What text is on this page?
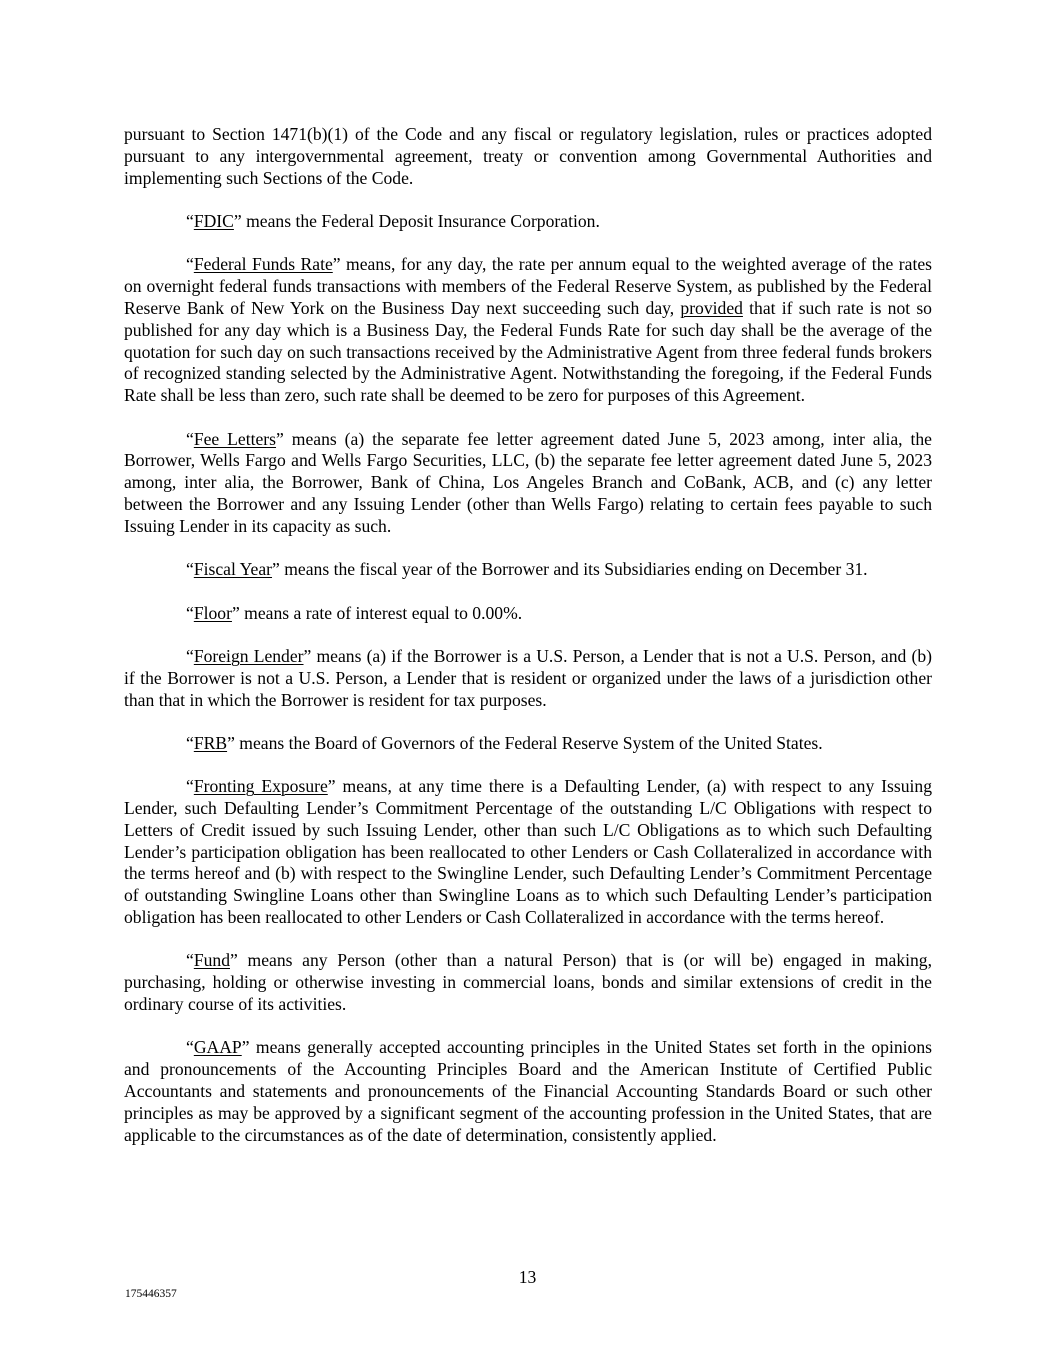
pursuant to Section 1471(b)(1) of the Code and any fiscal or regulatory legislation, rules or practices adopted pursuant to any intergovernmental agreement, treaty or convention among Governmental Authorities and implementing such Sections of the Code.

“FDIC” means the Federal Deposit Insurance Corporation.

“Federal Funds Rate” means, for any day, the rate per annum equal to the weighted average of the rates on overnight federal funds transactions with members of the Federal Reserve System, as published by the Federal Reserve Bank of New York on the Business Day next succeeding such day, provided that if such rate is not so published for any day which is a Business Day, the Federal Funds Rate for such day shall be the average of the quotation for such day on such transactions received by the Administrative Agent from three federal funds brokers of recognized standing selected by the Administrative Agent. Notwithstanding the foregoing, if the Federal Funds Rate shall be less than zero, such rate shall be deemed to be zero for purposes of this Agreement.

“Fee Letters” means (a) the separate fee letter agreement dated June 5, 2023 among, inter alia, the Borrower, Wells Fargo and Wells Fargo Securities, LLC, (b) the separate fee letter agreement dated June 5, 2023 among, inter alia, the Borrower, Bank of China, Los Angeles Branch and CoBank, ACB, and (c) any letter between the Borrower and any Issuing Lender (other than Wells Fargo) relating to certain fees payable to such Issuing Lender in its capacity as such.

“Fiscal Year” means the fiscal year of the Borrower and its Subsidiaries ending on December 31.

“Floor” means a rate of interest equal to 0.00%.

“Foreign Lender” means (a) if the Borrower is a U.S. Person, a Lender that is not a U.S. Person, and (b) if the Borrower is not a U.S. Person, a Lender that is resident or organized under the laws of a jurisdiction other than that in which the Borrower is resident for tax purposes.

“FRB” means the Board of Governors of the Federal Reserve System of the United States.

“Fronting Exposure” means, at any time there is a Defaulting Lender, (a) with respect to any Issuing Lender, such Defaulting Lender’s Commitment Percentage of the outstanding L/C Obligations with respect to Letters of Credit issued by such Issuing Lender, other than such L/C Obligations as to which such Defaulting Lender’s participation obligation has been reallocated to other Lenders or Cash Collateralized in accordance with the terms hereof and (b) with respect to the Swingline Lender, such Defaulting Lender’s Commitment Percentage of outstanding Swingline Loans other than Swingline Loans as to which such Defaulting Lender’s participation obligation has been reallocated to other Lenders or Cash Collateralized in accordance with the terms hereof.

“Fund” means any Person (other than a natural Person) that is (or will be) engaged in making, purchasing, holding or otherwise investing in commercial loans, bonds and similar extensions of credit in the ordinary course of its activities.

“GAAP” means generally accepted accounting principles in the United States set forth in the opinions and pronouncements of the Accounting Principles Board and the American Institute of Certified Public Accountants and statements and pronouncements of the Financial Accounting Standards Board or such other principles as may be approved by a significant segment of the accounting profession in the United States, that are applicable to the circumstances as of the date of determination, consistently applied.

13
175446357
